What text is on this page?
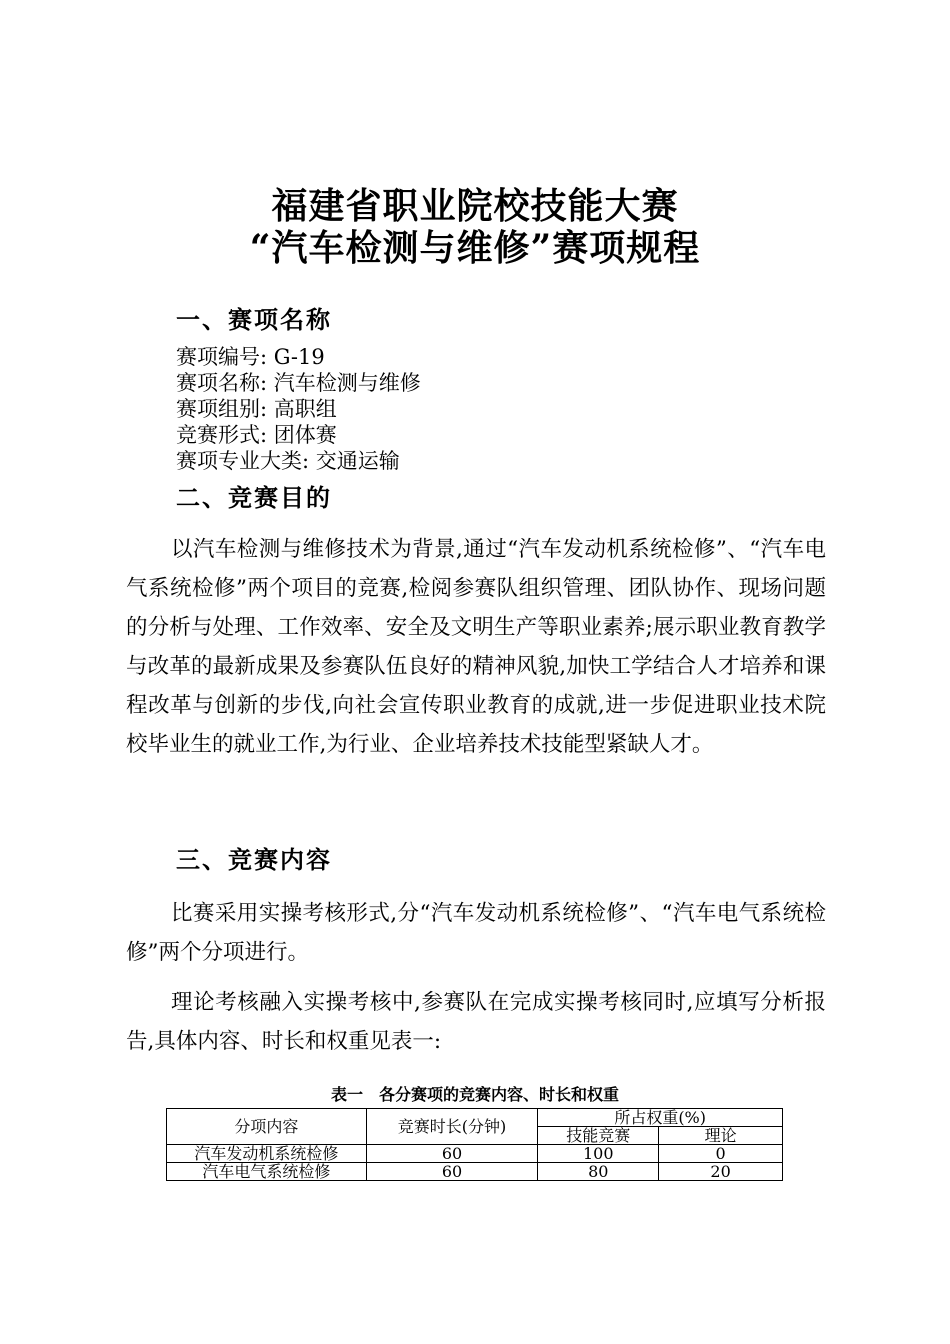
福建省职业院校技能大赛
“汽车检测与维修”赛项规程
一、赛项名称
赛项编号: G-19
赛项名称: 汽车检测与维修
赛项组别: 高职组
竞赛形式: 团体赛
赛项专业大类: 交通运输
二、竞赛目的
以汽车检测与维修技术为背景,通过“汽车发动机系统检修”、“汽车电气系统检修”两个项目的竞赛,检阅参赛队组织管理、团队协作、现场问题的分析与处理、工作效率、安全及文明生产等职业素养;展示职业教育教学与改革的最新成果及参赛队伍良好的精神风貌,加快工学结合人才培养和课程改革与创新的步伐,向社会宣传职业教育的成就,进一步促进职业技术院校毕业生的就业工作,为行业、企业培养技术技能型紧缺人才。
三、竞赛内容
比赛采用实操考核形式,分“汽车发动机系统检修”、“汽车电气系统检修”两个分项进行。
理论考核融入实操考核中,参赛队在完成实操考核同时,应填写分析报告,具体内容、时长和权重见表一:
表一　各分赛项的竞赛内容、时长和权重
分项内容	竞赛时长(分钟)	所占权重(%)	
		技能竞赛	理论
汽车发动机系统检修	60	100	0
汽车电气系统检修	60	80	20
